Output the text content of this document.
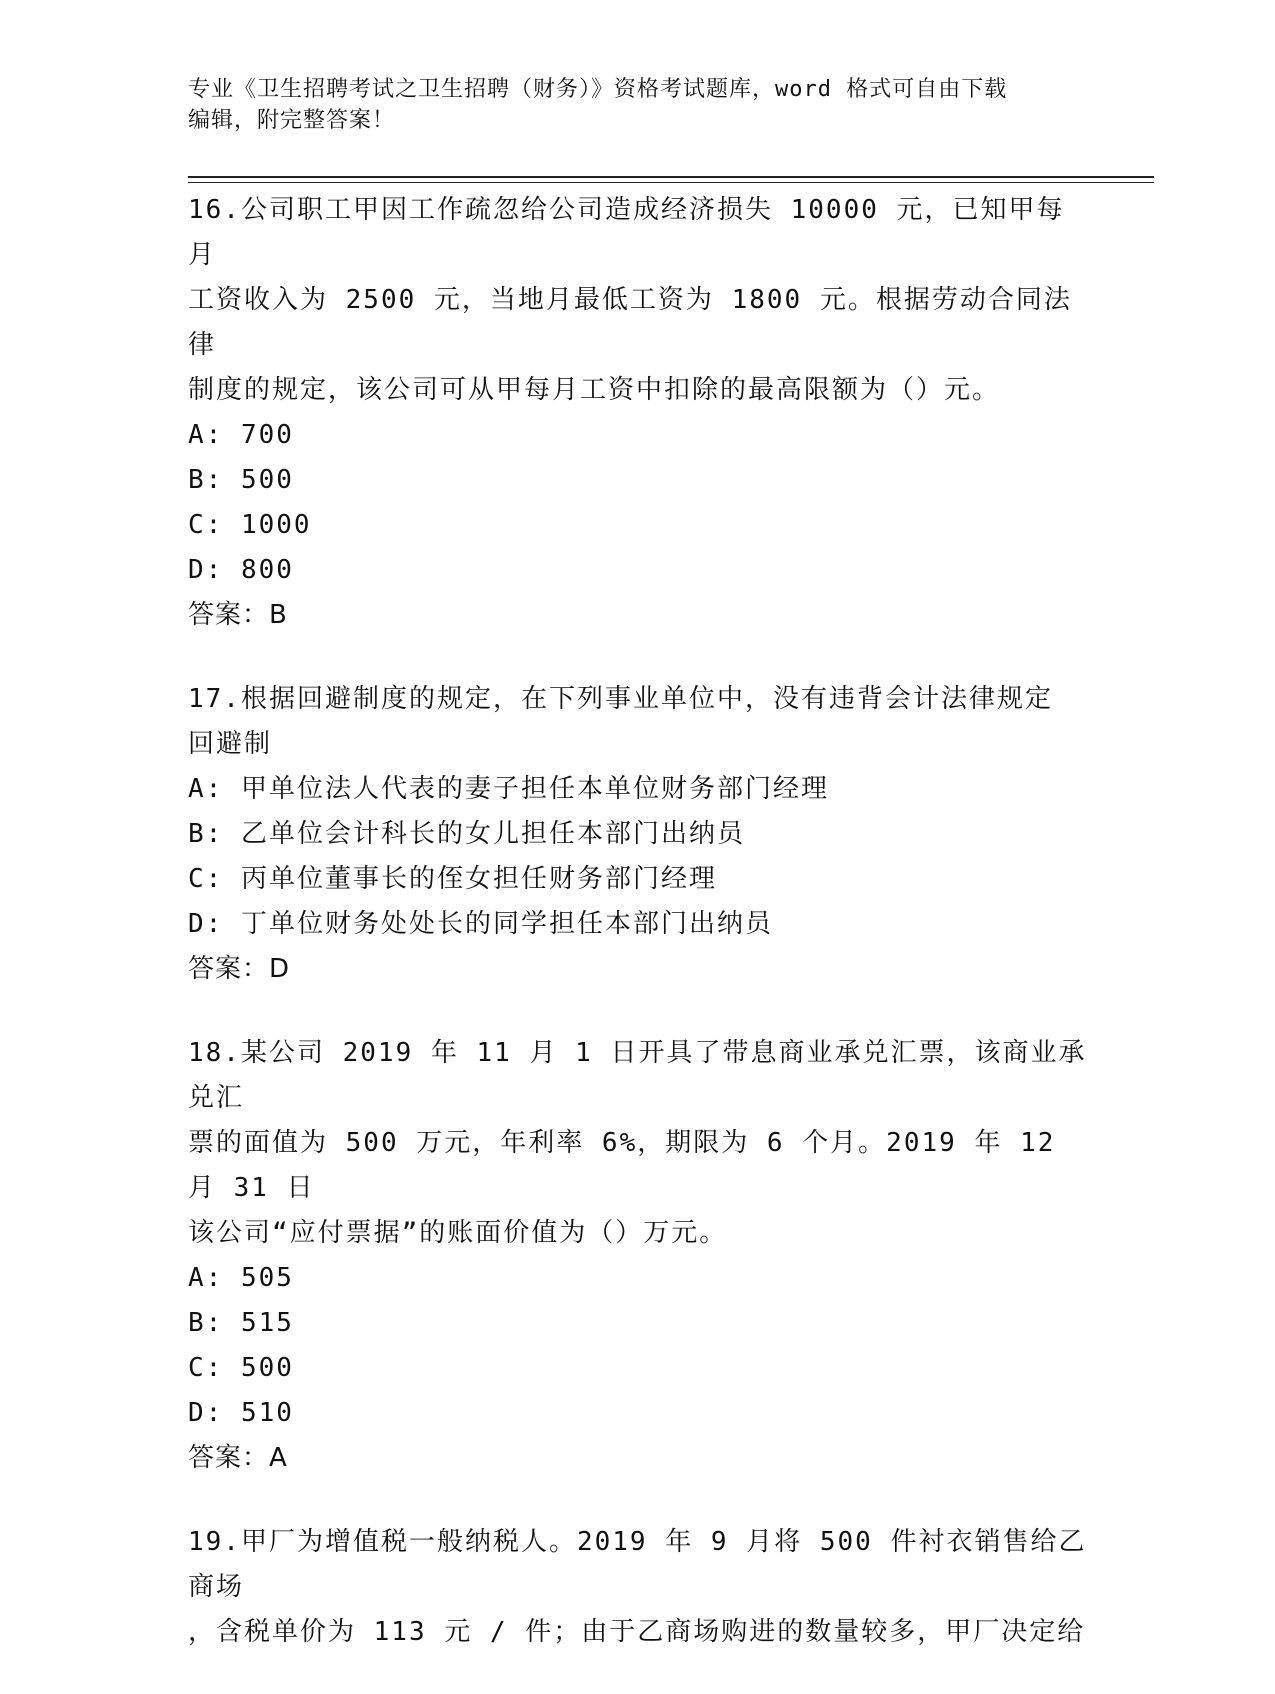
专业《卫生招聘考试之卫生招聘（财务）》资格考试题库，word 格式可自由下载
编辑，附完整答案！

16.公司职工甲因工作疏忽给公司造成经济损失 10000 元，已知甲每月

工资收入为 2500 元，当地月最低工资为 1800 元。根据劳动合同法律

制度的规定，该公司可从甲每月工资中扣除的最高限额为（）元。

A: 700

B: 500

C: 1000

D: 800

答案：B

17.根据回避制度的规定，在下列事业单位中，没有违背会计法律规定

回避制

A: 甲单位法人代表的妻子担任本单位财务部门经理

B: 乙单位会计科长的女儿担任本部门出纳员

C: 丙单位董事长的侄女担任财务部门经理

D: 丁单位财务处处长的同学担任本部门出纳员

答案：D

18.某公司 2019 年 11 月 1 日开具了带息商业承兑汇票，该商业承兑汇

票的面值为 500 万元，年利率 6%，期限为 6 个月。2019 年 12 月 31 日

该公司“应付票据”的账面价值为（）万元。

A: 505

B: 515

C: 500

D: 510

答案：A

19.甲厂为增值税一般纳税人。2019 年 9 月将 500 件衬衣销售给乙商场

，含税单价为 113 元 / 件；由于乙商场购进的数量较多，甲厂决定给
